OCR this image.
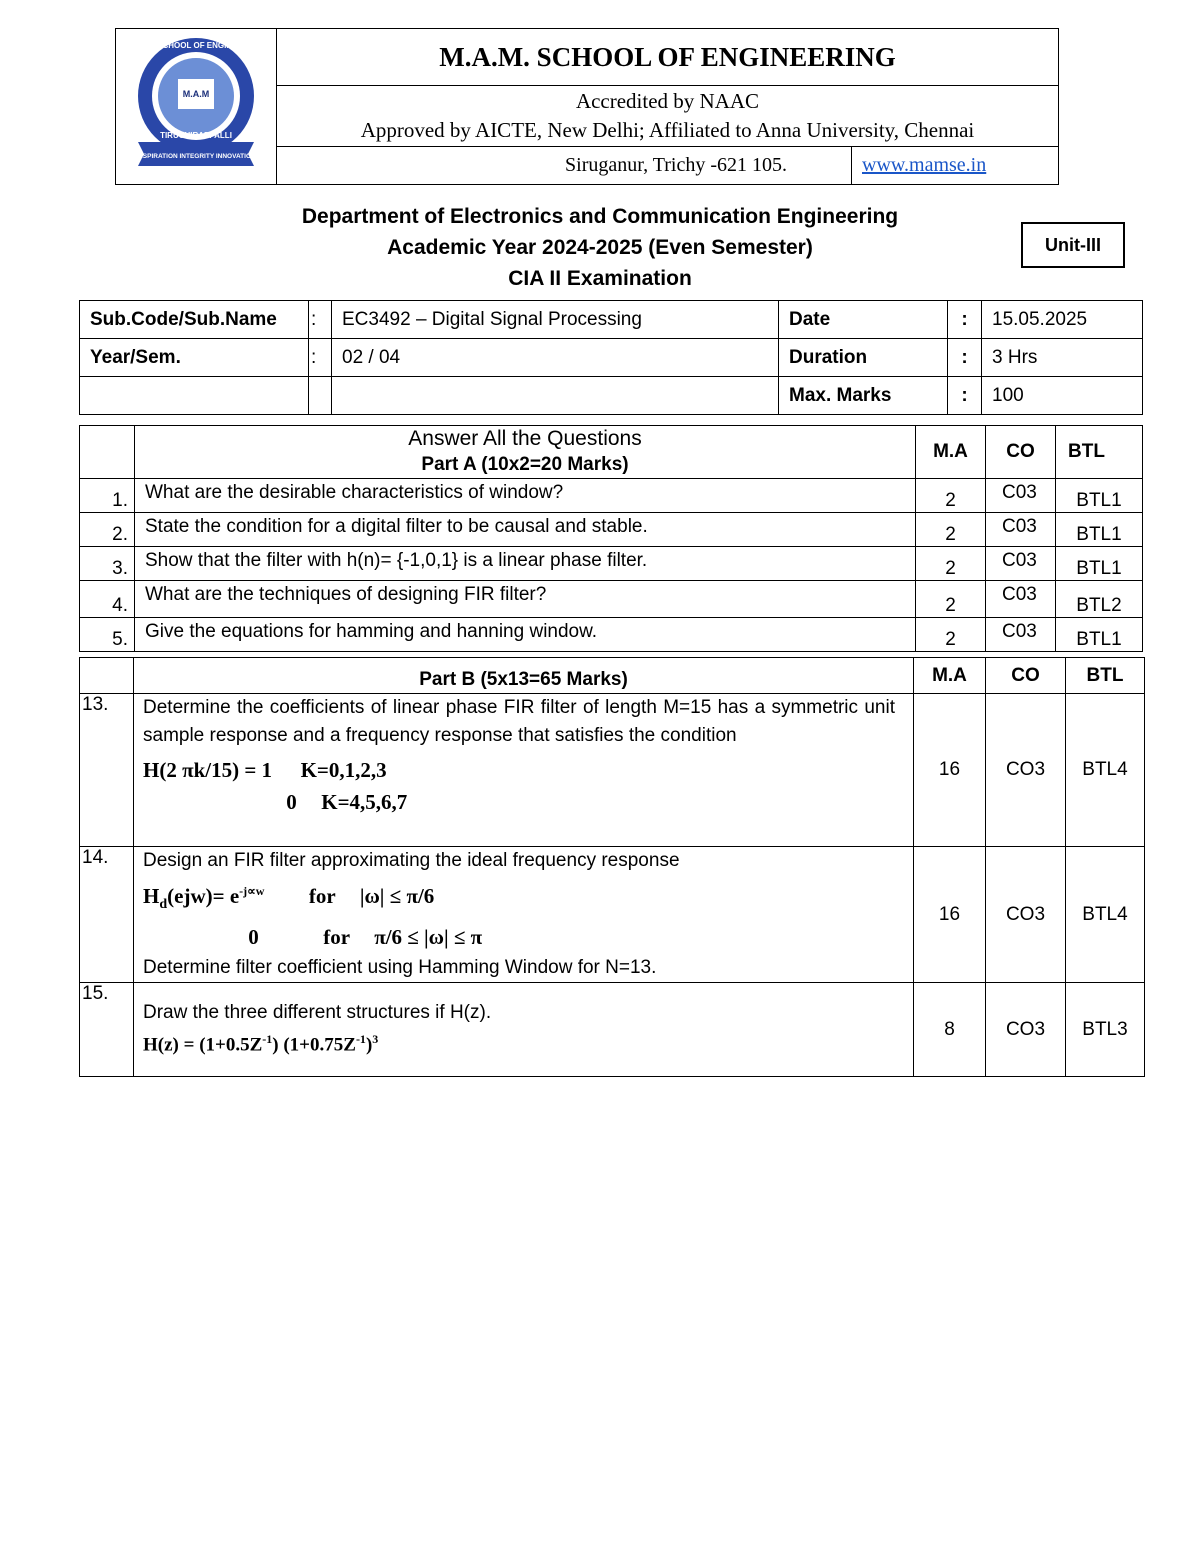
M.A.M
INSPIRATION INTEGRITY INNOVATION
M.A.M. SCHOOL OF ENGINEERING
TIRUCHIRAPPALLI	M.A.M. SCHOOL OF ENGINEERING	

	Accredited by NAAC
Approved by AICTE, New Delhi; Affiliated to Anna University, Chennai	

	Siruganur, Trichy -621 105.	www.mamse.in
Department of Electronics and Communication Engineering
Academic Year 2024-2025 (Even Semester)
CIA II Examination
Unit-III
Sub.Code/Sub.Name	:	EC3492 – Digital Signal Processing	Date	:	15.05.2025
Year/Sem.	:	02 / 04	Duration	:	3 Hrs
			Max. Marks	:	100

	Answer All the Questions
Part A (10x2=20 Marks)	M.A	CO	BTL
1.	What are the desirable characteristics of window?	2	C03	BTL1
2.	State the condition for a digital filter to be causal and stable.	2	C03	BTL1
3.	Show that the filter with h(n)= {-1,0,1} is a linear phase filter.	2	C03	BTL1
4.	What are the techniques of designing FIR filter?	2	C03	BTL2
5.	Give the equations for hamming and hanning window.	2	C03	BTL1
	Part B (5x13=65 Marks)	M.A	CO	BTL
13.	Determine the coefficients of linear phase FIR filter of length M=15 has a symmetric unit sample response and a frequency response that satisfies the condition
H(2 πk/15) = 1 K=0,1,2,3
0 K=4,5,6,7	16	CO3	BTL4
14.	Design an FIR filter approximating the ideal frequency response
$H_d(ejw)= e^{-j\propto w}$ for |ω| ≤ π/6
0 for π/6 ≤ |ω| ≤ π
Determine filter coefficient using Hamming Window for N=13.	16	CO3	BTL4
15.	Draw the three different structures if H(z).
$H(z) = (1+0.5Z^{-1})$ $(1+0.75Z^{-1})^3$	8	CO3	BTL3
